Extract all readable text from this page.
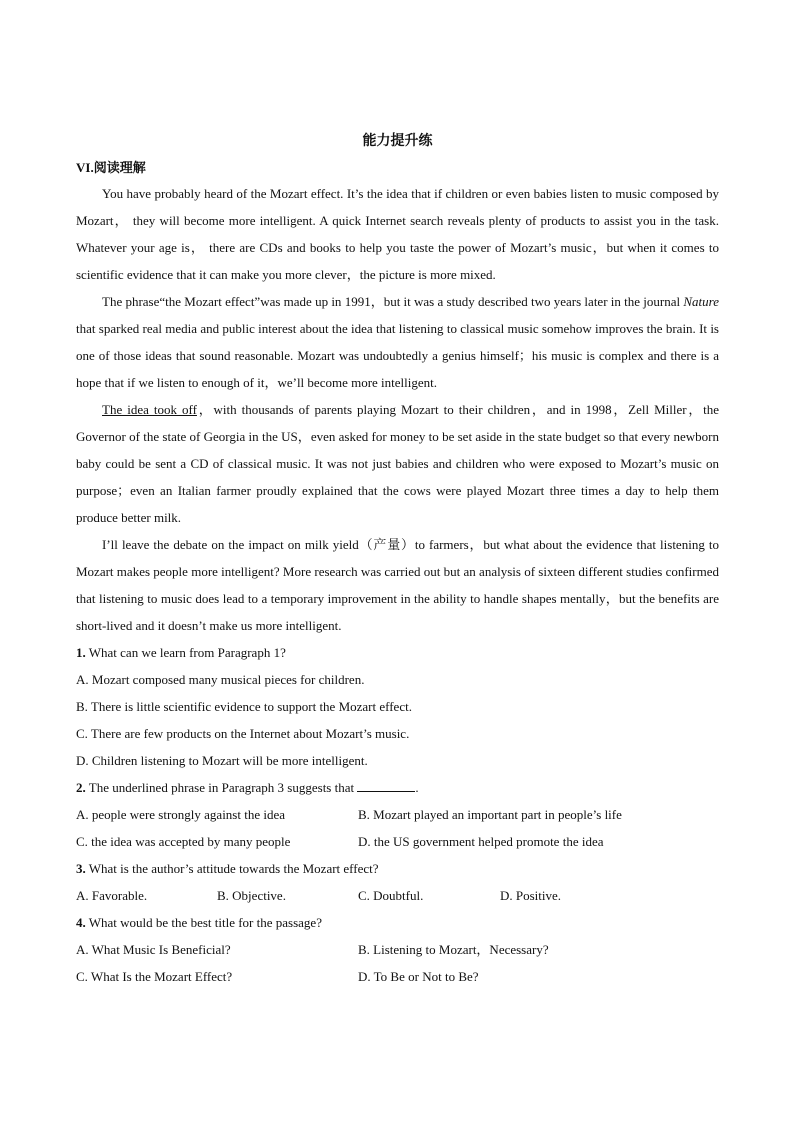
能力提升练
VI.阅读理解

You have probably heard of the Mozart effect. It’s the idea that if children or even babies listen to music composed by Mozart， they will become more intelligent. A quick Internet search reveals plenty of products to assist you in the task. Whatever your age is， there are CDs and books to help you taste the power of Mozart’s music，but when it comes to scientific evidence that it can make you more clever，the picture is more mixed.

The phrase“the Mozart effect”was made up in 1991，but it was a study described two years later in the journal Nature that sparked real media and public interest about the idea that listening to classical music somehow improves the brain. It is one of those ideas that sound reasonable. Mozart was undoubtedly a genius himself；his music is complex and there is a hope that if we listen to enough of it，we’ll become more intelligent.

The idea took off，with thousands of parents playing Mozart to their children，and in 1998，Zell Miller，the Governor of the state of Georgia in the US，even asked for money to be set aside in the state budget so that every newborn baby could be sent a CD of classical music. It was not just babies and children who were exposed to Mozart’s music on purpose；even an Italian farmer proudly explained that the cows were played Mozart three times a day to help them produce better milk.

I’ll leave the debate on the impact on milk yield（产量）to farmers，but what about the evidence that listening to Mozart makes people more intelligent? More research was carried out but an analysis of sixteen different studies confirmed that listening to music does lead to a temporary improvement in the ability to handle shapes mentally，but the benefits are short-lived and it doesn’t make us more intelligent.

1. What can we learn from Paragraph 1?
A. Mozart composed many musical pieces for children.
B. There is little scientific evidence to support the Mozart effect.
C. There are few products on the Internet about Mozart’s music.
D. Children listening to Mozart will be more intelligent.
2. The underlined phrase in Paragraph 3 suggests that	.
A. people were strongly against the idea	B. Mozart played an important part in people’s life
C. the idea was accepted by many people	D. the US government helped promote the idea
3. What is the author’s attitude towards the Mozart effect?
A. Favorable.	B. Objective.	C. Doubtful.	D. Positive.
4. What would be the best title for the passage?
A. What Music Is Beneficial?	B. Listening to Mozart，Necessary?
C. What Is the Mozart Effect?	D. To Be or Not to Be?
